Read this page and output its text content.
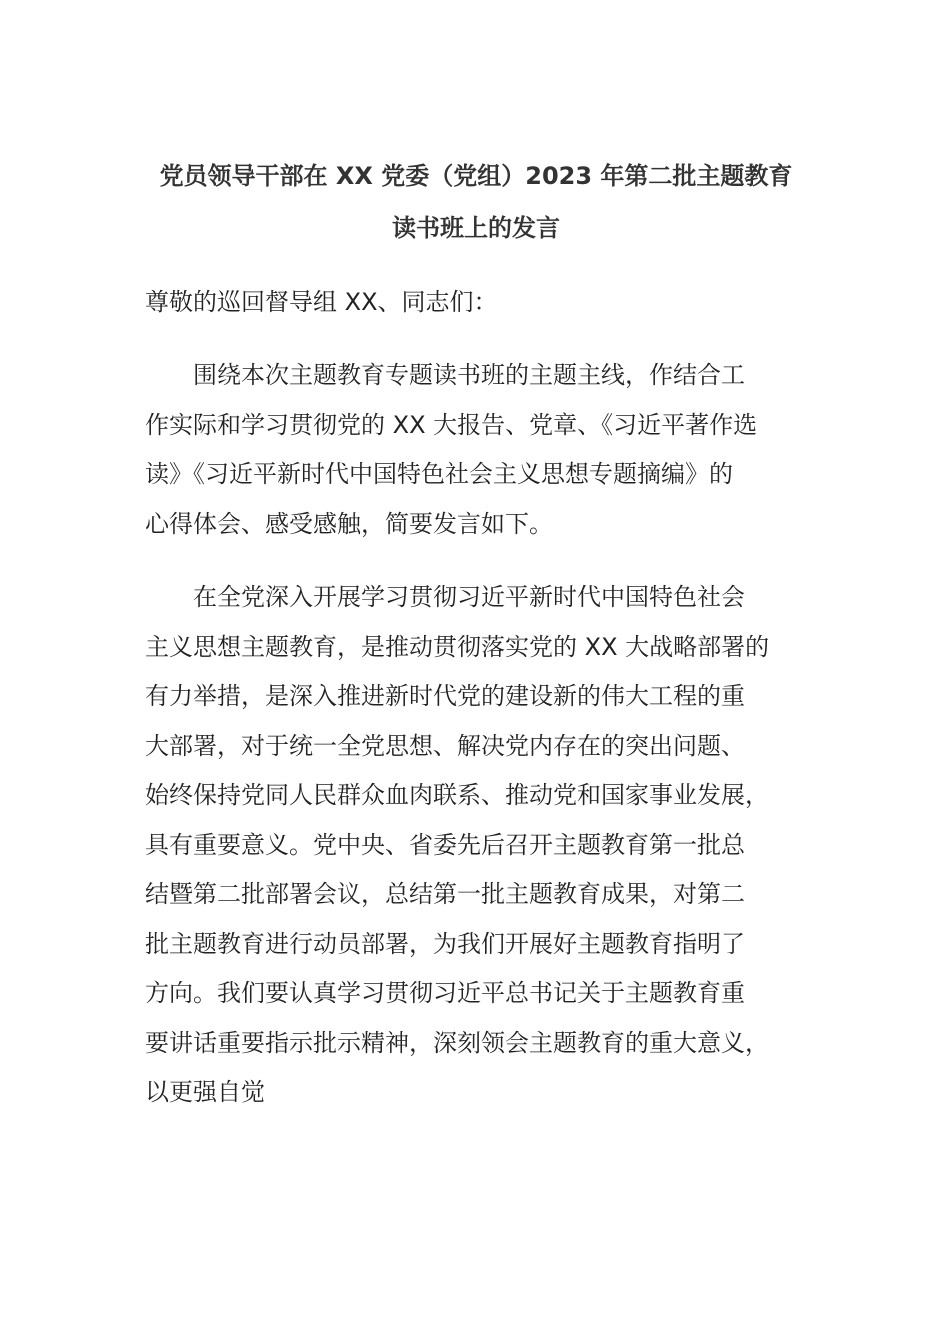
党员领导干部在 XX 党委（党组）2023 年第二批主题教育
读书班上的发言

尊敬的巡回督导组 XX、同志们：

围绕本次主题教育专题读书班的主题主线，作结合工
作实际和学习贯彻党的 XX 大报告、党章、《习近平著作选
读》《习近平新时代中国特色社会主义思想专题摘编》的
心得体会、感受感触，简要发言如下。
在全党深入开展学习贯彻习近平新时代中国特色社会
主义思想主题教育，是推动贯彻落实党的 XX 大战略部署的
有力举措，是深入推进新时代党的建设新的伟大工程的重
大部署，对于统一全党思想、解决党内存在的突出问题、
始终保持党同人民群众血肉联系、推动党和国家事业发展，
具有重要意义。党中央、省委先后召开主题教育第一批总
结暨第二批部署会议，总结第一批主题教育成果，对第二
批主题教育进行动员部署，为我们开展好主题教育指明了
方向。我们要认真学习贯彻习近平总书记关于主题教育重
要讲话重要指示批示精神，深刻领会主题教育的重大意义，
以更强自觉
